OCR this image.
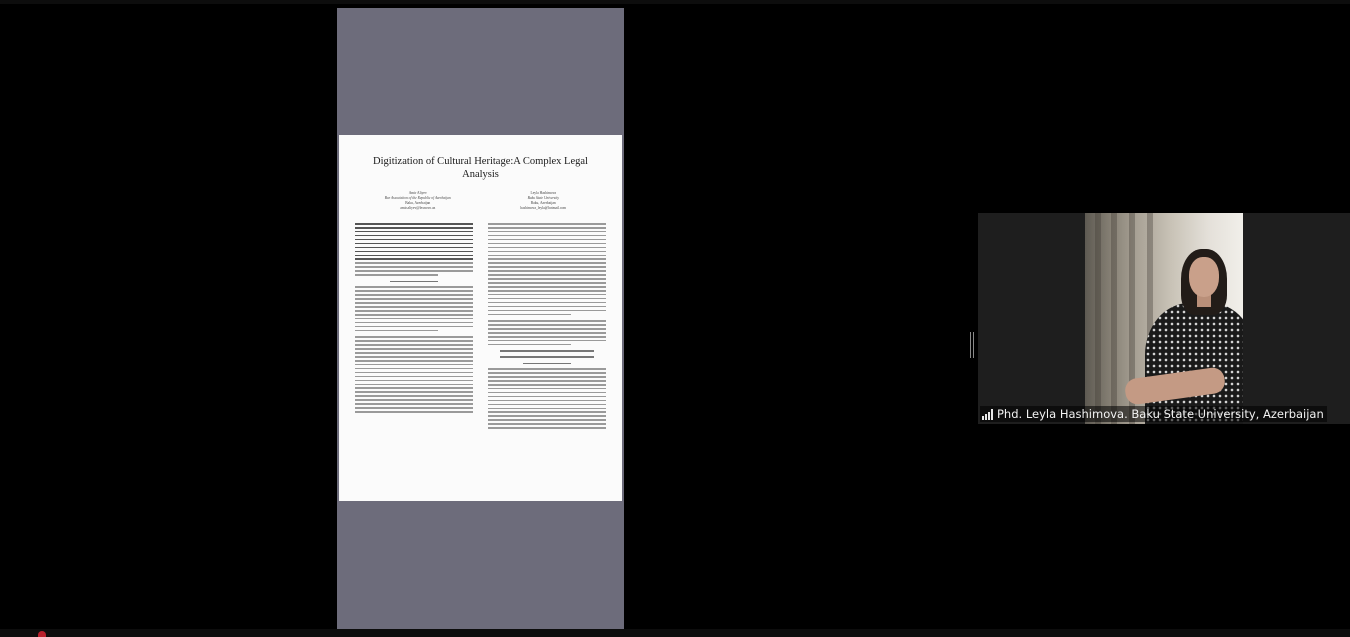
Digitization of Cultural Heritage:A Complex Legal Analysis
Amir Aliyev
Bar Association of the Republic of Azerbaijan
Baku, Azerbaijan
amir.aliyev@lexnovo.az
Leyla Hashimova
Baku State University
Baku, Azerbaijan
hashimova_leyla@hotmail.com
Phd. Leyla Hashimova. Baku State University, Azerbaijan
